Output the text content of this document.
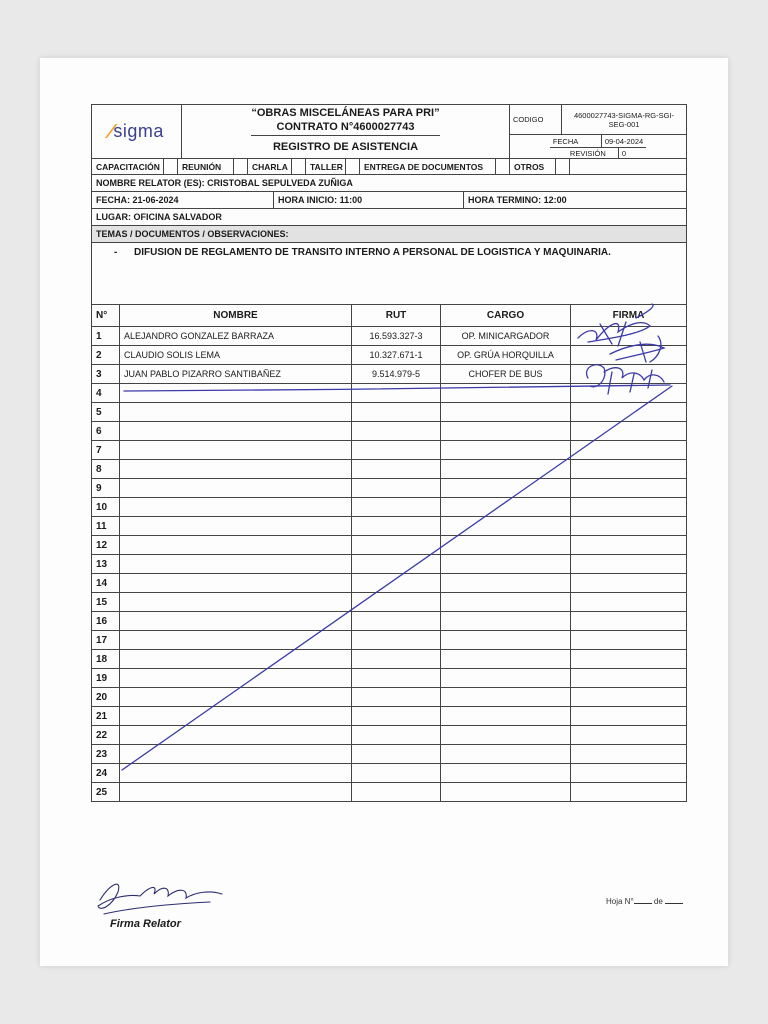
⁄ sigma
“OBRAS MISCELÁNEAS PARA PRI”
CONTRATO N°4600027743
REGISTRO DE ASISTENCIA
CODIGO	4600027743-SIGMA-RG-SGI-SEG-001
FECHA	09-04-2024
REVISIÓN	0
CAPACITACIÓN	REUNIÓN	CHARLA	TALLER	ENTREGA DE DOCUMENTOS	OTROS
NOMBRE RELATOR (ES): CRISTOBAL SEPULVEDA ZUÑIGA
FECHA: 21-06-2024	HORA INICIO: 11:00	HORA TERMINO: 12:00
LUGAR: OFICINA SALVADOR
TEMAS / DOCUMENTOS / OBSERVACIONES:
-	DIFUSION DE REGLAMENTO DE TRANSITO INTERNO A PERSONAL DE LOGISTICA Y MAQUINARIA.
N°	NOMBRE	RUT	CARGO	FIRMA
1	ALEJANDRO GONZALEZ BARRAZA	16.593.327-3	OP. MINICARGADOR
2	CLAUDIO SOLIS LEMA	10.327.671-1	OP. GRÚA HORQUILLA
3	JUAN PABLO PIZARRO SANTIBAÑEZ	9.514.979-5	CHOFER DE BUS
4
5
6
7
8
9
10
11
12
13
14
15
16
17
18
19
20
21
22
23
24
25
Firma Relator
Hoja N°	de
